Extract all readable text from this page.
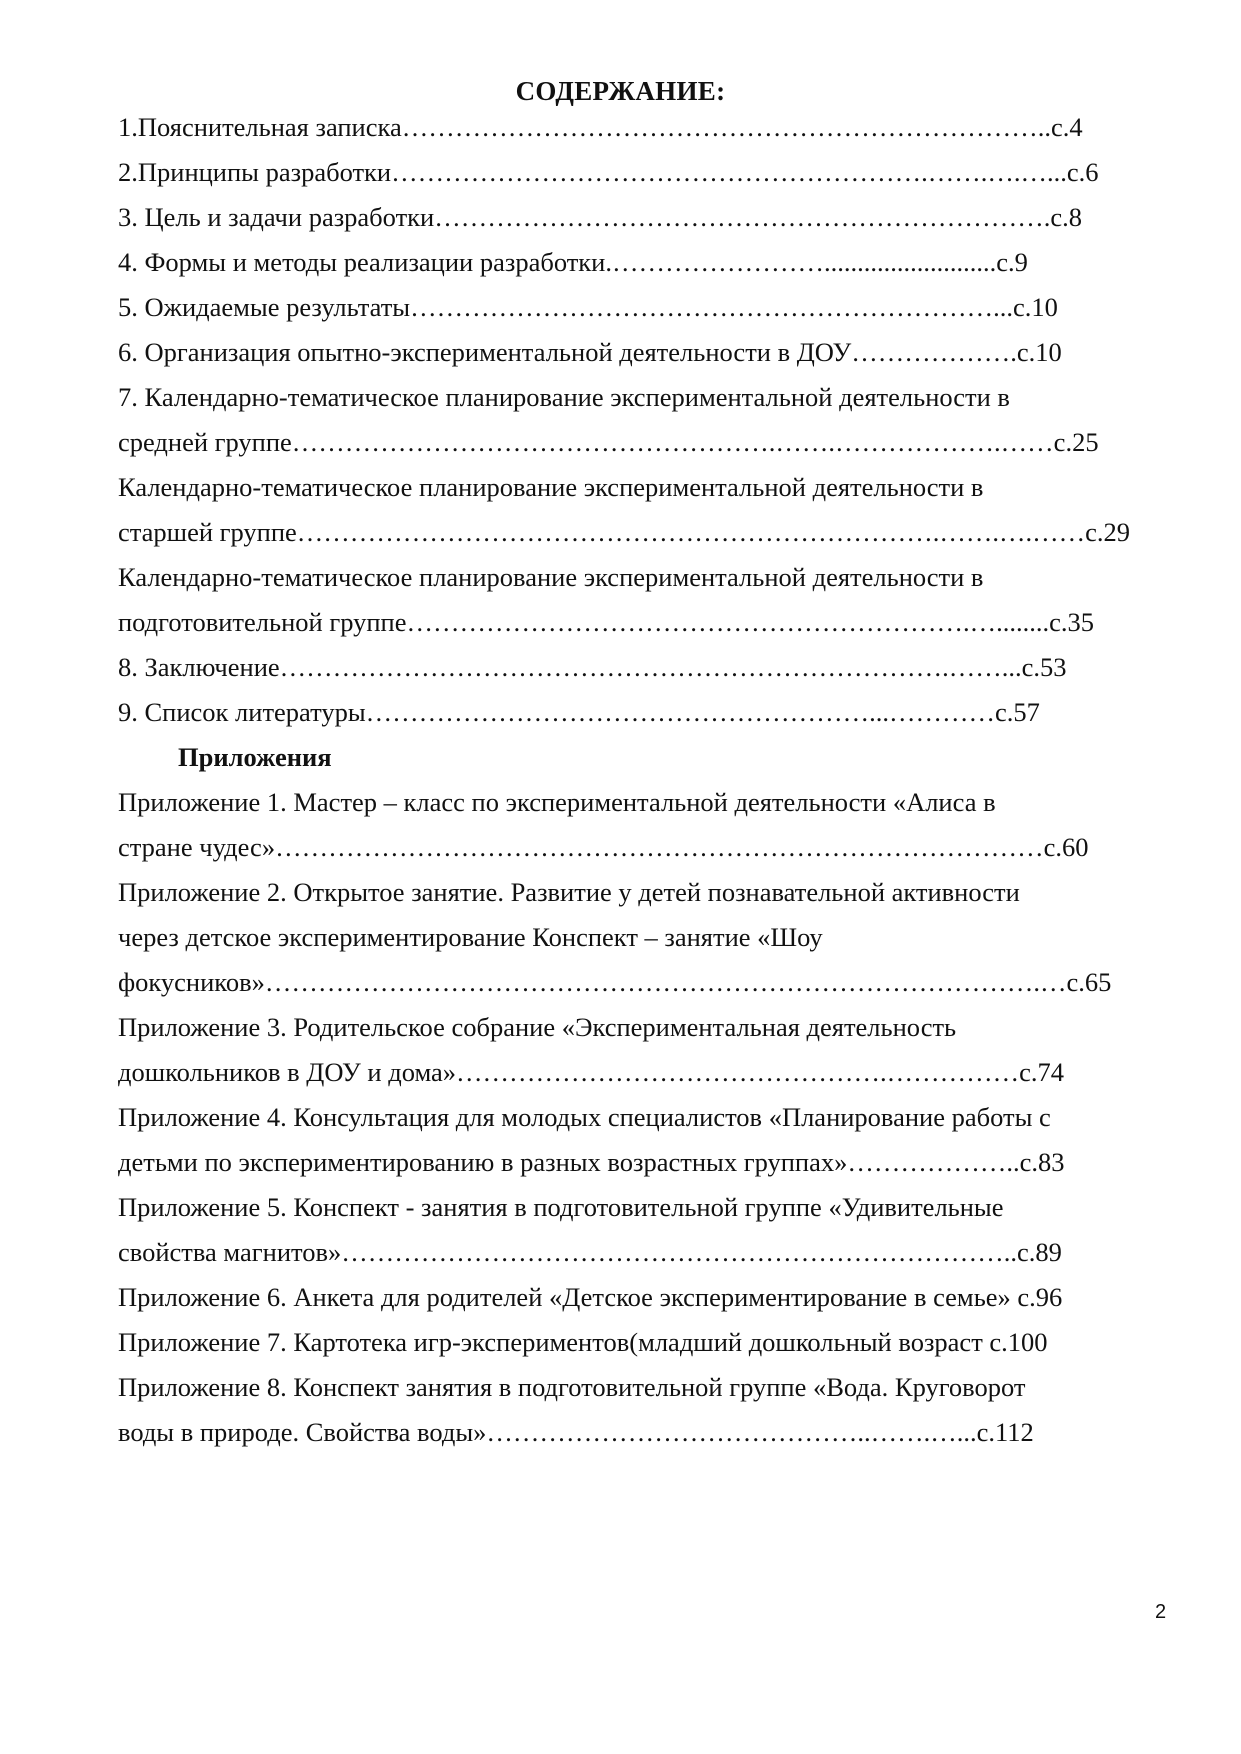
СОДЕРЖАНИЕ:
1.Пояснительная записка………………………………………………………………..с.4
2.Принципы разработки…………………………………………………….…….….…...с.6
3. Цель и задачи разработки…………………………………………………………….с.8
4. Формы и методы реализации разработки.……………………..........................с.9
5. Ожидаемые результаты…………………………………………………………...с.10
6. Организация опытно-экспериментальной деятельности в ДОУ……………….с.10
7. Календарно-тематическое планирование экспериментальной деятельности в
средней группе……………………………………………….…….……………….……с.25
Календарно-тематическое планирование экспериментальной деятельности в
старшей группе……………………………………………………………….…….….……с.29
Календарно-тематическое планирование экспериментальной деятельности в
подготовительной группе……………………………………………………….…........с.35
8. Заключение………………………………………………………………….……...с.53
9. Список литературы…………………………………………………...…………с.57
Приложения
Приложение 1. Мастер – класс по экспериментальной деятельности «Алиса в
стране чудес»……………………………………………………………………………с.60
Приложение 2. Открытое занятие. Развитие у детей познавательной активности
через детское экспериментирование Конспект – занятие «Шоу
фокусников»…………………………………………………………………………….…с.65
Приложение 3. Родительское собрание «Экспериментальная деятельность
дошкольников в ДОУ и дома»………………………………………….……………с.74
Приложение 4. Консультация для молодых специалистов «Планирование работы с
детьми по экспериментированию в разных возрастных группах»………………..с.83
Приложение 5. Конспект - занятия в подготовительной группе «Удивительные
свойства магнитов»…………………………………………………………………..с.89
Приложение 6. Анкета для родителей «Детское экспериментирование в семье» с.96
Приложение 7. Картотека игр-экспериментов(младший дошкольный возраст с.100
Приложение 8. Конспект занятия в подготовительной группе «Вода. Круговорот
воды в природе. Свойства воды»……………………………………..…….…...с.112
2
